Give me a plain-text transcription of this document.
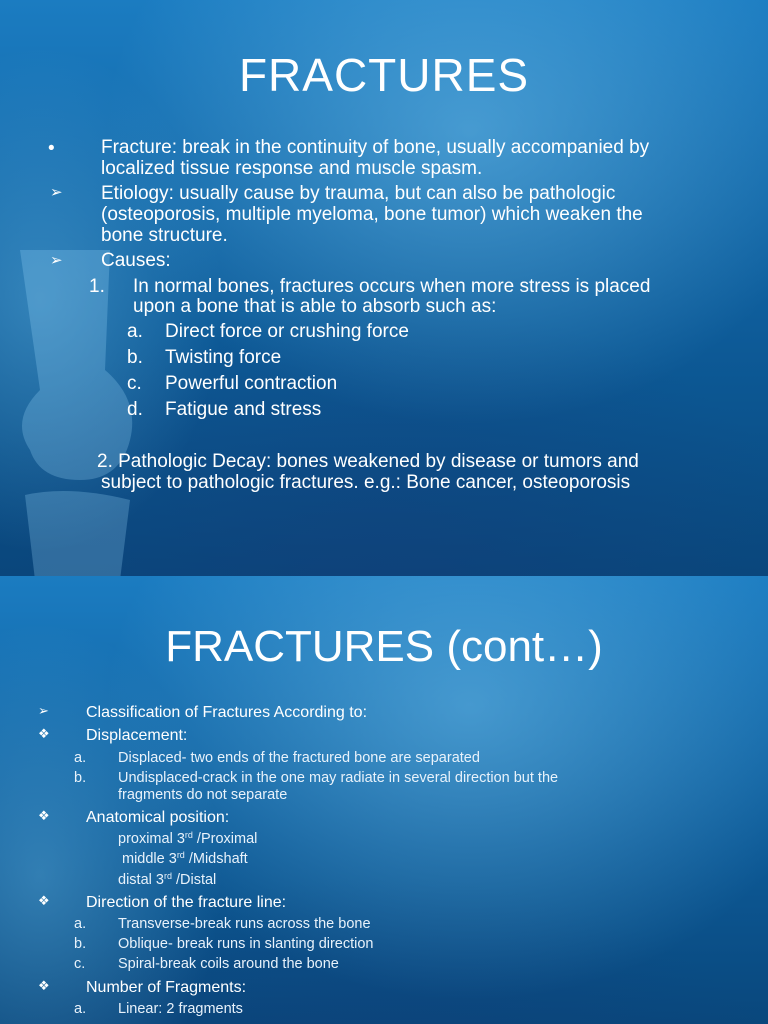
FRACTURES
• Fracture: break in the continuity of bone, usually accompanied by
localized tissue response and muscle spasm.
➢ Etiology: usually cause by trauma, but can also be pathologic
(osteoporosis, multiple myeloma, bone tumor) which weaken the
bone structure.
➢ Causes:
1. In normal bones, fractures occurs when more stress is placed
upon a bone that is able to absorb such as:
a. Direct force or crushing force
b. Twisting force
c. Powerful contraction
d. Fatigue and stress
2. Pathologic Decay: bones weakened by disease or tumors and
subject to pathologic fractures. e.g.: Bone cancer, osteoporosis
FRACTURES (cont…)
➢ Classification of Fractures According to:
❖ Displacement:
a. Displaced- two ends of the fractured bone are separated
b. Undisplaced-crack in the one may radiate in several direction but the
fragments do not separate
❖ Anatomical position:
proximal 3rd /Proximal
middle 3rd /Midshaft
distal 3rd /Distal
❖ Direction of the fracture line:
a. Transverse-break runs across the bone
b. Oblique- break runs in slanting direction
c. Spiral-break coils around the bone
❖ Number of Fragments:
a. Linear: 2 fragments
